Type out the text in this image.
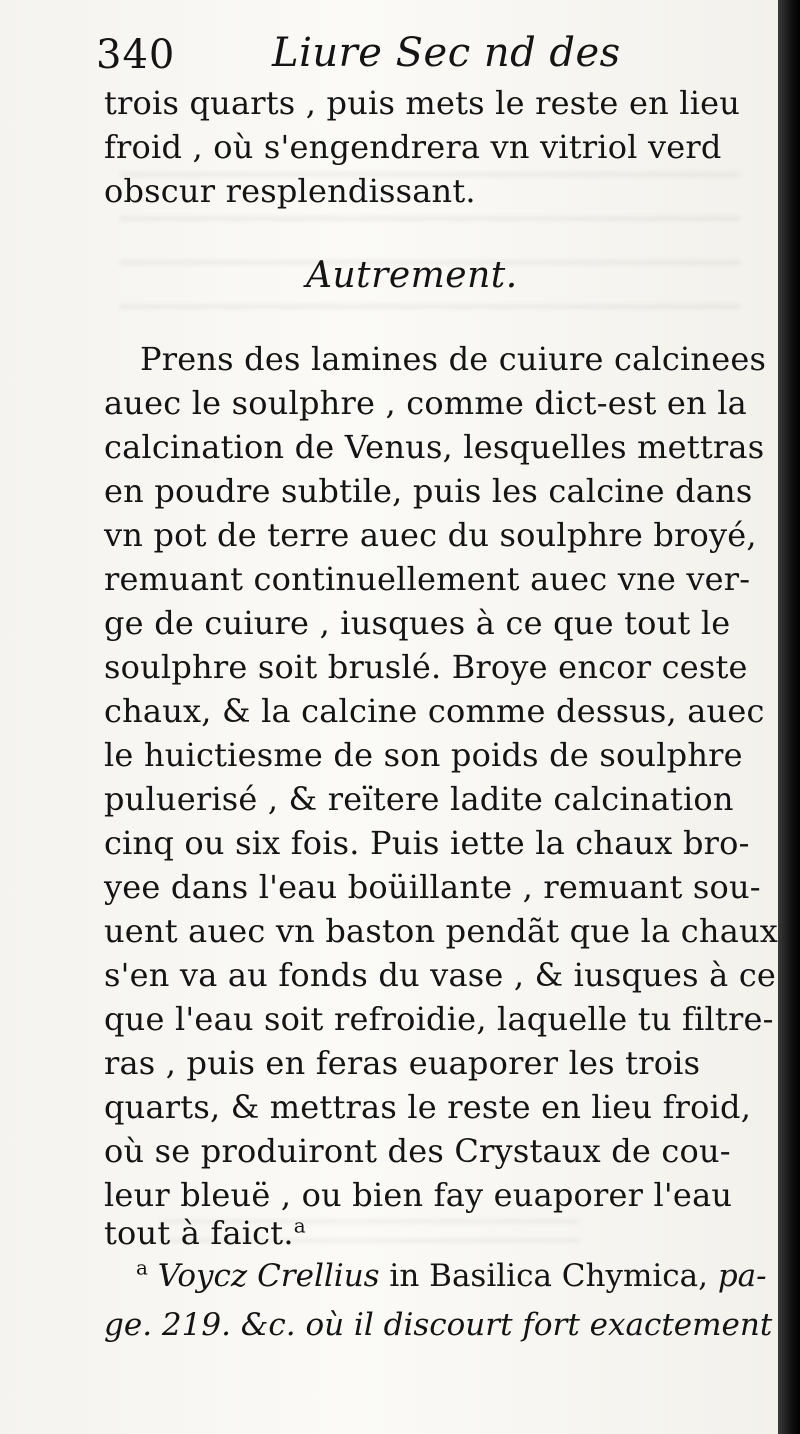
340 Liure Sec nd des
trois quarts , puis mets le reste en lieu
froid , où s'engendrera vn vitriol verd
obscur resplendissant.
Autrement.
Prens des lamines de cuiure calcinees
auec le soulphre , comme dict-est en la
calcination de Venus, lesquelles mettras
en poudre subtile, puis les calcine dans
vn pot de terre auec du soulphre broyé,
remuant continuellement auec vne ver-
ge de cuiure , iusques à ce que tout le
soulphre soit bruslé. Broye encor ceste
chaux, & la calcine comme dessus, auec
le huictiesme de son poids de soulphre
puluerisé , & reïtere ladite calcination
cinq ou six fois. Puis iette la chaux bro-
yee dans l'eau boüillante , remuant sou-
uent auec vn baston pendãt que la chaux
s'en va au fonds du vase , & iusques à ce
que l'eau soit refroidie, laquelle tu filtre-
ras , puis en feras euaporer les trois
quarts, & mettras le reste en lieu froid,
où se produiront des Crystaux de cou-
leur bleuë , ou bien fay euaporer l'eau
tout à faict.$^a$
$^a$ Voycz Crellius in Basilica Chymica, pa-
ge. 219. &c. où il discourt fort exactement
